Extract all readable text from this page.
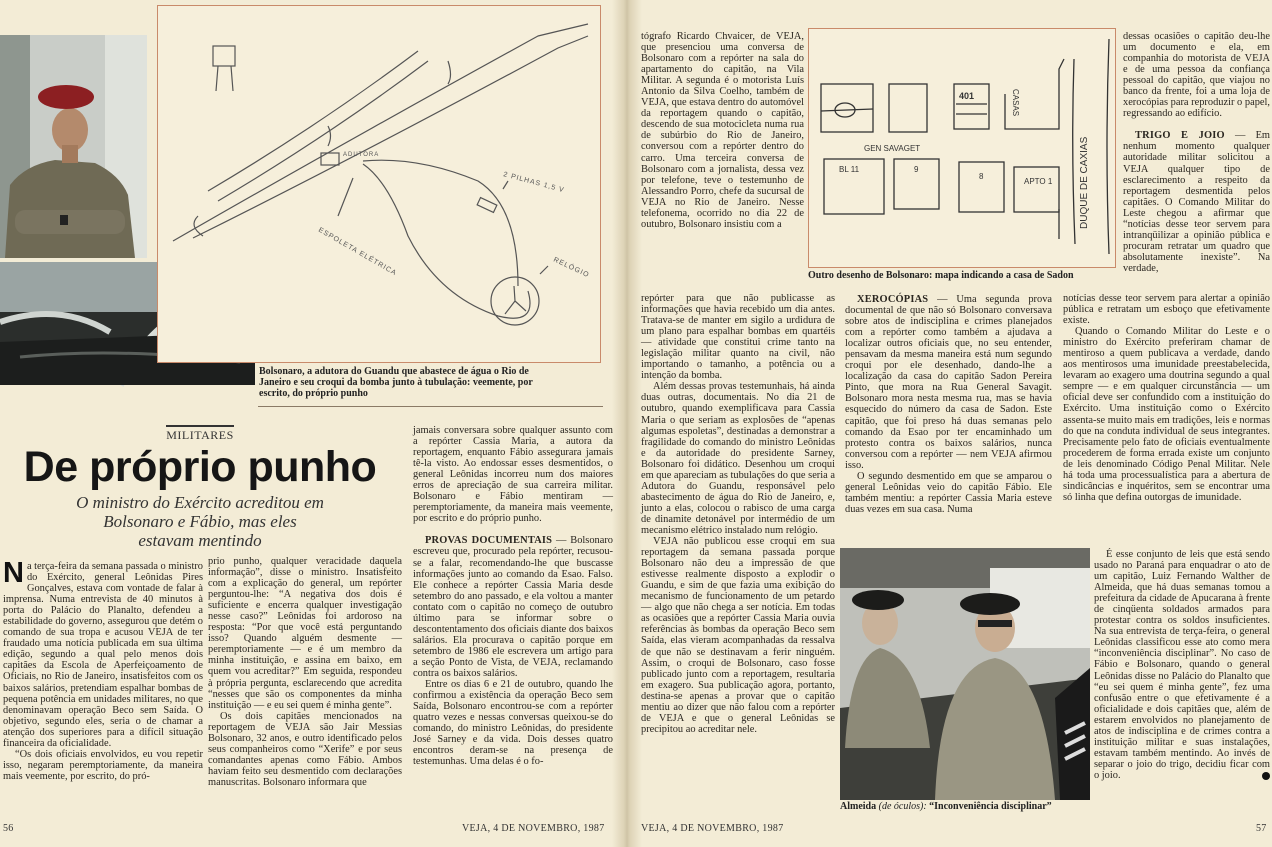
2 PILHAS 1,5 V
ESPOLETA ELÉTRICA	RELÓGIO
ADUTORA
Bolsonaro, a adutora do Guandu que abastece de água o Rio de Janeiro e seu croqui da bomba junto à tubulação: veemente, por escrito, do próprio punho
MILITARES
De próprio punho
O ministro do Exército acreditou em Bolsonaro e Fábio, mas eles estavam mentindo

Na terça-feira da semana passada o ministro do Exército, general Leônidas Pires Gonçalves, estava com vontade de falar à imprensa. Numa entrevista de 40 minutos à porta do Palácio do Planalto, defendeu a estabilidade do governo, assegurou que detém o comando de sua tropa e acusou VEJA de ter fraudado uma notícia publicada em sua última edição, segundo a qual pelo menos dois capitães da Escola de Aperfeiçoamento de Oficiais, no Rio de Janeiro, insatisfeitos com os baixos salários, pretendiam espalhar bombas de pequena potência em unidades militares, no que denominavam operação Beco sem Saída. O objetivo, segundo eles, seria o de chamar a atenção dos superiores para a difícil situação financeira da oficialidade.

“Os dois oficiais envolvidos, eu vou repetir isso, negaram peremptoriamente, da maneira mais veemente, por escrito, do pró-

prio punho, qualquer veracidade daquela informação”, disse o ministro. Insatisfeito com a explicação do general, um repórter perguntou-lhe: “A negativa dos dois é suficiente e encerra qualquer investigação nesse caso?” Leônidas foi ardoroso na resposta: “Por que você está perguntando isso? Quando alguém desmente — peremptoriamente — e é um membro da minha instituição, e assina em baixo, em quem vou acreditar?” Em seguida, respondeu à própria pergunta, esclarecendo que acredita “nesses que são os componentes da minha instituição — e eu sei quem é minha gente”.

Os dois capitães mencionados na reportagem de VEJA são Jair Messias Bolsonaro, 32 anos, e outro identificado pelos seus companheiros como “Xerife” e por seus comandantes apenas como Fábio. Ambos haviam feito seu desmentido com declarações manuscritas. Bolsonaro informara que

jamais conversara sobre qualquer assunto com a repórter Cassia Maria, a autora da reportagem, enquanto Fábio assegurara jamais tê-la visto. Ao endossar esses desmentidos, o general Leônidas incorreu num dos maiores erros de apreciação de sua carreira militar. Bolsonaro e Fábio mentiram — peremptoriamente, da maneira mais veemente, por escrito e do próprio punho.

PROVAS DOCUMENTAIS — Bolsonaro escreveu que, procurado pela repórter, recusou-se a falar, recomendando-lhe que buscasse informações junto ao comando da Esao. Falso. Ele conhece a repórter Cassia Maria desde setembro do ano passado, e ela voltou a manter contato com o capitão no começo de outubro último para se informar sobre o descontentamento dos oficiais diante dos baixos salários. Ela procurava o capitão porque em setembro de 1986 ele escrevera um artigo para a seção Ponto de Vista, de VEJA, reclamando contra os baixos salários.

Entre os dias 6 e 21 de outubro, quando lhe confirmou a existência da operação Beco sem Saída, Bolsonaro encontrou-se com a repórter quatro vezes e nessas conversas queixou-se do comando, do ministro Leônidas, do presidente José Sarney e da vida. Dois desses quatro encontros deram-se na presença de testemunhas. Uma delas é o fo-

56	VEJA, 4 DE NOVEMBRO, 1987

tógrafo Ricardo Chvaicer, de VEJA, que presenciou uma conversa de Bolsonaro com a repórter na sala do apartamento do capitão, na Vila Militar. A segunda é o motorista Luís Antonio da Silva Coelho, também de VEJA, que estava dentro do automóvel da reportagem quando o capitão, descendo de sua motocicleta numa rua de subúrbio do Rio de Janeiro, conversou com a repórter dentro do carro. Uma terceira conversa de Bolsonaro com a jornalista, dessa vez por telefone, teve o testemunho de Alessandro Porro, chefe da sucursal de VEJA no Rio de Janeiro. Nesse telefonema, ocorrido no dia 22 de outubro, Bolsonaro insistiu com a

GEN SAVAGET
401	CASAS
BL 11	9
8
APTO 1	DUQUE DE CAXIAS
Outro desenho de Bolsonaro: mapa indicando a casa de Sadon

dessas ocasiões o capitão deu-lhe um documento e ela, em companhia do motorista de VEJA e de uma pessoa da confiança pessoal do capitão, que viajou no banco da frente, foi a uma loja de xerocópias para reproduzir o papel, regressando ao edifício.

TRIGO E JOIO — Em nenhum momento qualquer autoridade militar solicitou a VEJA qualquer tipo de esclarecimento a respeito da reportagem desmentida pelos capitães. O Comando Militar do Leste chegou a afirmar que “notícias desse teor servem para intranqüilizar a opinião pública e procuram retratar um quadro que absolutamente inexiste”. Na verdade,

repórter para que não publicasse as informações que havia recebido um dia antes. Tratava-se de manter em sigilo a urdidura de um plano para espalhar bombas em quartéis — atividade que constitui crime tanto na legislação militar quanto na civil, não importando o tamanho, a potência ou a intenção da bomba.

Além dessas provas testemunhais, há ainda duas outras, documentais. No dia 21 de outubro, quando exemplificava para Cassia Maria o que seriam as explosões de “apenas algumas espoletas”, destinadas a demonstrar a fragilidade do comando do ministro Leônidas e da autoridade do presidente Sarney, Bolsonaro foi didático. Desenhou um croqui em que apareciam as tubulações do que seria a Adutora do Guandu, responsável pelo abastecimento de água do Rio de Janeiro, e, junto a elas, colocou o rabisco de uma carga de dinamite detonável por intermédio de um mecanismo elétrico instalado num relógio.

VEJA não publicou esse croqui em sua reportagem da semana passada porque Bolsonaro não deu a impressão de que estivesse realmente disposto a explodir o Guandu, e sim de que fazia uma exibição do mecanismo de funcionamento de um petardo — algo que não chega a ser notícia. Em todas as ocasiões que a repórter Cassia Maria ouvia referências às bombas da operação Beco sem Saída, elas vieram acompanhadas da ressalva de que não se destinavam a ferir ninguém. Assim, o croqui de Bolsonaro, caso fosse publicado junto com a reportagem, resultaria em exagero. Sua publicação agora, portanto, destina-se apenas a provar que o capitão mentiu ao dizer que não falou com a repórter de VEJA e que o general Leônidas se precipitou ao acreditar nele.

XEROCÓPIAS — Uma segunda prova documental de que não só Bolsonaro conversava sobre atos de indisciplina e crimes planejados com a repórter como também a ajudava a localizar outros oficiais que, no seu entender, pensavam da mesma maneira está num segundo croqui por ele desenhado, dando-lhe a localização da casa do capitão Sadon Pereira Pinto, que mora na Rua General Savagit. Bolsonaro mora nesta mesma rua, mas se havia esquecido do número da casa de Sadon. Este capitão, que foi preso há duas semanas pelo comando da Esao por ter encaminhado um protesto contra os baixos salários, nunca conversou com a repórter — nem VEJA afirmou isso.

O segundo desmentido em que se amparou o general Leônidas veio do capitão Fábio. Ele também mentiu: a repórter Cassia Maria esteve duas vezes em sua casa. Numa

notícias desse teor servem para alertar a opinião pública e retratam um esboço que efetivamente existe.

Quando o Comando Militar do Leste e o ministro do Exército preferiram chamar de mentiroso a quem publicava a verdade, dando aos mentirosos uma imunidade preestabelecida, levaram ao exagero uma doutrina segundo a qual sempre — e em qualquer circunstância — um oficial deve ser confundido com a instituição do Exército. Uma instituição como o Exército assenta-se muito mais em tradições, leis e normas do que na conduta individual de seus integrantes. Precisamente pelo fato de oficiais eventualmente procederem de forma errada existe um conjunto de leis denominado Código Penal Militar. Nele há toda uma processualística para a abertura de sindicâncias e inquéritos, sem se encontrar uma só linha que defina outorgas de imunidade.

Almeida (de óculos): “Inconveniência disciplinar”

É esse conjunto de leis que está sendo usado no Paraná para enquadrar o ato de um capitão, Luiz Fernando Walther de Almeida, que há duas semanas tomou a prefeitura da cidade de Apucarana à frente de cinqüenta soldados armados para protestar contra os soldos insuficientes. Na sua entrevista de terça-feira, o general Leônidas classificou esse ato como mera “inconveniência disciplinar”. No caso de Fábio e Bolsonaro, quando o general Leônidas disse no Palácio do Planalto que “eu sei quem é minha gente”, fez uma confusão entre o que efetivamente é a oficialidade e dois capitães que, além de estarem envolvidos no planejamento de atos de indisciplina e de crimes contra a instituição militar e suas instalações, estavam também mentindo. Ao invés de separar o joio do trigo, decidiu ficar com o joio.

VEJA, 4 DE NOVEMBRO, 1987	57
